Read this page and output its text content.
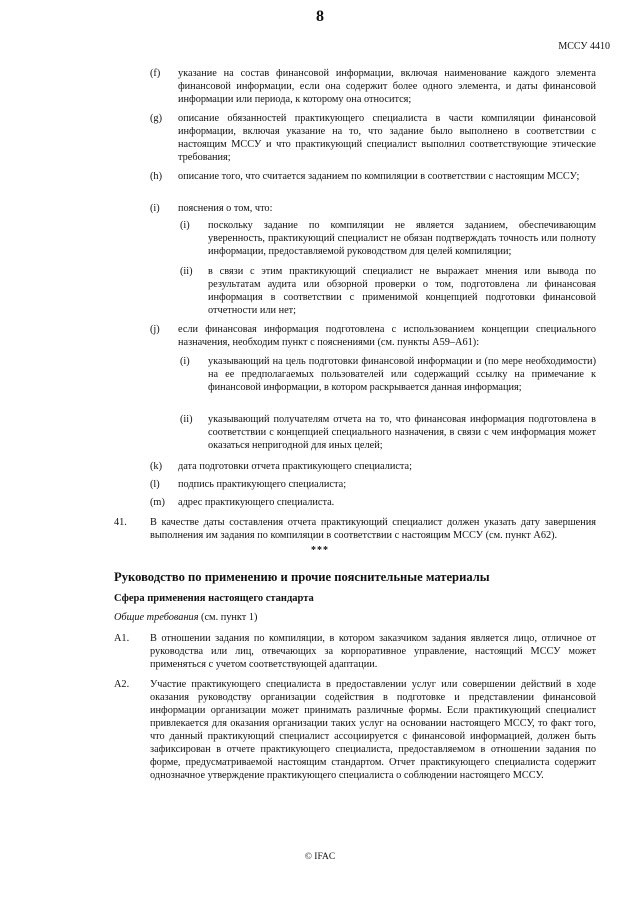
8
МССУ 4410
(f) указание на состав финансовой информации, включая наименование каждого элемента финансовой информации, если она содержит более одного элемента, и даты финансовой информации или периода, к которому она относится;
(g) описание обязанностей практикующего специалиста в части компиляции финансовой информации, включая указание на то, что задание было выполнено в соответствии с настоящим МССУ и что практикующий специалист выполнил соответствующие этические требования;
(h) описание того, что считается заданием по компиляции в соответствии с настоящим МССУ;
(i) пояснения о том, что:
(i) поскольку задание по компиляции не является заданием, обеспечивающим уверенность, практикующий специалист не обязан подтверждать точность или полноту информации, предоставляемой руководством для целей компиляции;
(ii) в связи с этим практикующий специалист не выражает мнения или вывода по результатам аудита или обзорной проверки о том, подготовлена ли финансовая информация в соответствии с применимой концепцией подготовки финансовой отчетности или нет;
(j) если финансовая информация подготовлена с использованием концепции специального назначения, необходим пункт с пояснениями (см. пункты А59–А61):
(i) указывающий на цель подготовки финансовой информации и (по мере необходимости) на ее предполагаемых пользователей или содержащий ссылку на примечание к финансовой информации, в котором раскрывается данная информация;
(ii) указывающий получателям отчета на то, что финансовая информация подготовлена в соответствии с концепцией специального назначения, в связи с чем информация может оказаться непригодной для иных целей;
(k) дата подготовки отчета практикующего специалиста;
(l) подпись практикующего специалиста;
(m) адрес практикующего специалиста.
41. В качестве даты составления отчета практикующий специалист должен указать дату завершения выполнения им задания по компиляции в соответствии с настоящим МССУ (см. пункт А62).
***
Руководство по применению и прочие пояснительные материалы
Сфера применения настоящего стандарта
Общие требования (см. пункт 1)
А1. В отношении задания по компиляции, в котором заказчиком задания является лицо, отличное от руководства или лиц, отвечающих за корпоративное управление, настоящий МССУ может применяться с учетом соответствующей адаптации.
А2. Участие практикующего специалиста в предоставлении услуг или совершении действий в ходе оказания руководству организации содействия в подготовке и представлении финансовой информации организации может принимать различные формы. Если практикующий специалист привлекается для оказания организации таких услуг на основании настоящего МССУ, то факт того, что данный практикующий специалист ассоциируется с финансовой информацией, должен быть зафиксирован в отчете практикующего специалиста, предоставляемом в отношении задания по форме, предусматриваемой настоящим стандартом. Отчет практикующего специалиста содержит однозначное утверждение практикующего специалиста о соблюдении настоящего МССУ.
© IFAC
